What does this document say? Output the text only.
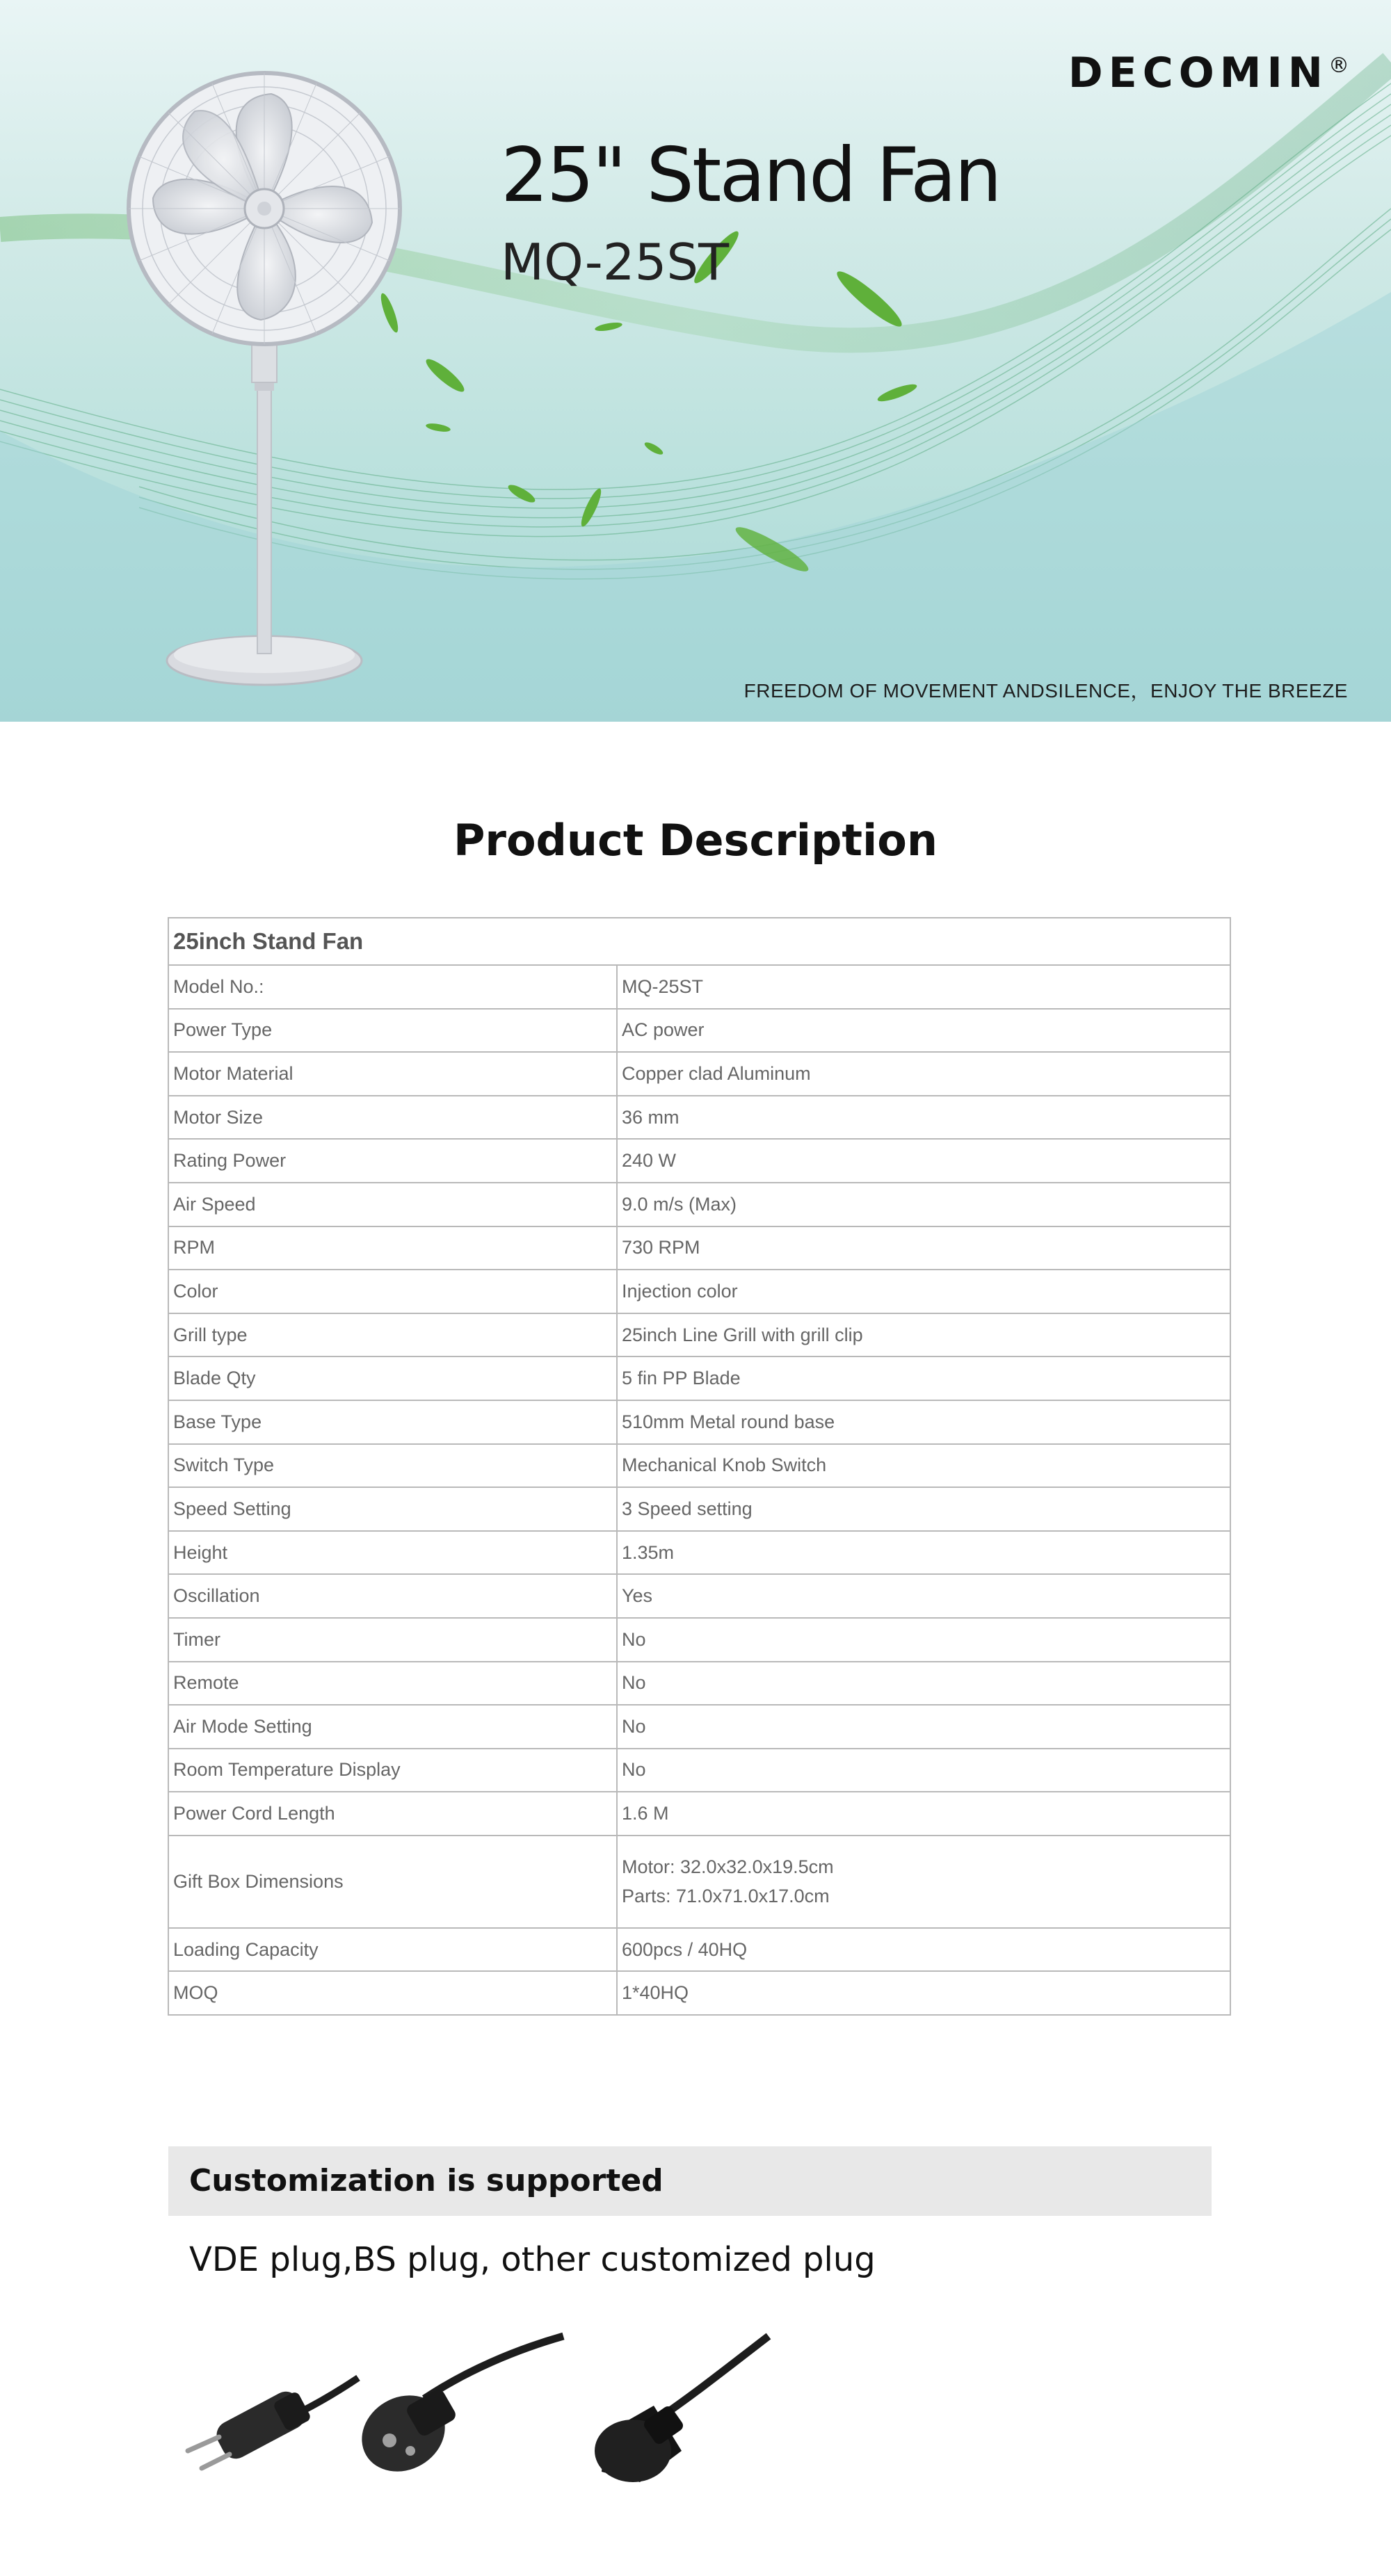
DECOMIN®
25" Stand Fan

MQ-25ST

FREEDOM OF MOVEMENT ANDSILENCE，ENJOY THE BREEZE
Product Description
25inch Stand Fan	
Model No.:	MQ-25ST
Power Type	AC power
Motor Material	Copper clad Aluminum
Motor Size	36 mm
Rating Power	240 W
Air Speed	9.0 m/s (Max)
RPM	730 RPM
Color	Injection color
Grill type	25inch Line Grill with grill clip
Blade Qty	5 fin PP Blade
Base Type	510mm Metal round base
Switch Type	Mechanical Knob Switch
Speed Setting	3 Speed setting
Height	1.35m
Oscillation	Yes
Timer	No
Remote	No
Air Mode Setting	No
Room Temperature Display	No
Power Cord Length	1.6 M
Gift Box Dimensions	Motor: 32.0x32.0x19.5cm
Parts: 71.0x71.0x17.0cm

Loading Capacity	600pcs / 40HQ
MOQ	1*40HQ
Customization is supported

VDE plug,BS plug, other customized plug
